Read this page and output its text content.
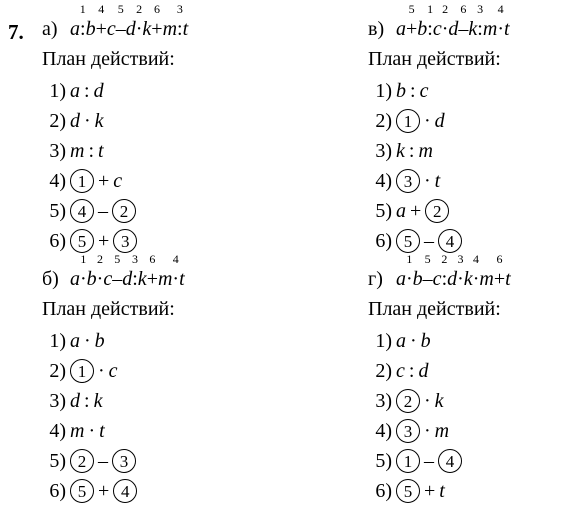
7. а) a:
1
b+
4
c–
5
d·
2
k+
6
m:
3
t
План действий:
1) a : d
2) d · k
3) m : t
4) 1 + c
5) 4 – 2
6) 5 + 3
б) a·
1
b·
2
c–
5
d:
3
k+
6
m·
4
t
План действий:
1) a · b
2) 1 · c
3) d : k
4) m · t
5) 2 – 3
6) 5 + 4
в) a+
5
b:
1
c·
2
d–
6
k:
3
m·
4
t
План действий:
1) b : c
2) 1 · d
3) k : m
4) 3 · t
5) a + 2
6) 5 – 4
г) a·
1
b–
5
c:
2
d·
3
k·
4
m+
6
t
План действий:
1) a · b
2) c : d
3) 2 · k
4) 3 · m
5) 1 – 4
6) 5 + t
